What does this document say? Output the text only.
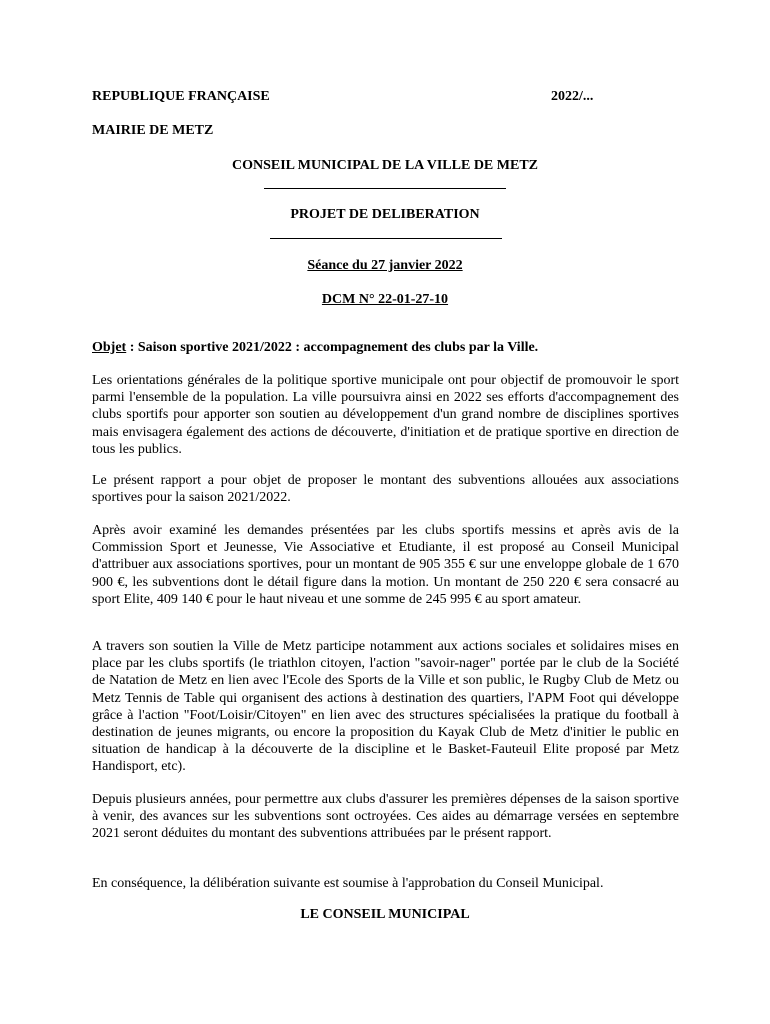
REPUBLIQUE FRANÇAISE	2022/...
MAIRIE DE METZ
CONSEIL MUNICIPAL DE LA VILLE DE METZ
PROJET DE DELIBERATION
Séance du 27 janvier 2022
DCM N° 22-01-27-10
Objet : Saison sportive 2021/2022 : accompagnement des clubs par la Ville.
Les orientations générales de la politique sportive municipale ont pour objectif de promouvoir le sport parmi l'ensemble de la population. La ville poursuivra ainsi en 2022 ses efforts d'accompagnement des clubs sportifs pour apporter son soutien au développement d'un grand nombre de disciplines sportives mais envisagera également des actions de découverte, d'initiation et de pratique sportive en direction de tous les publics.
Le présent rapport a pour objet de proposer le montant des subventions allouées aux associations sportives pour la saison 2021/2022.
Après avoir examiné les demandes présentées par les clubs sportifs messins et après avis de la Commission Sport et Jeunesse, Vie Associative et Etudiante, il est proposé au Conseil Municipal d'attribuer aux associations sportives, pour un montant de 905 355 € sur une enveloppe globale de 1 670 900 €, les subventions dont le détail figure dans la motion. Un montant de 250 220 € sera consacré au sport Elite, 409 140 € pour le haut niveau et une somme de 245 995 € au sport amateur.
A travers son soutien la Ville de Metz participe notamment aux actions sociales et solidaires mises en place par les clubs sportifs (le triathlon citoyen, l'action "savoir-nager" portée par le club de la Société de Natation de Metz en lien avec l'Ecole des Sports de la Ville et son public, le Rugby Club de Metz ou Metz Tennis de Table qui organisent des actions à destination des quartiers, l'APM Foot qui développe grâce à l'action "Foot/Loisir/Citoyen" en lien avec des structures spécialisées la pratique du football à destination de jeunes migrants, ou encore la proposition du Kayak Club de Metz d'initier le public en situation de handicap à la découverte de la discipline et le Basket-Fauteuil Elite proposé par Metz Handisport, etc).
Depuis plusieurs années, pour permettre aux clubs d'assurer les premières dépenses de la saison sportive à venir, des avances sur les subventions sont octroyées. Ces aides au démarrage versées en septembre 2021 seront déduites du montant des subventions attribuées par le présent rapport.
En conséquence, la délibération suivante est soumise à l'approbation du Conseil Municipal.
LE CONSEIL MUNICIPAL
